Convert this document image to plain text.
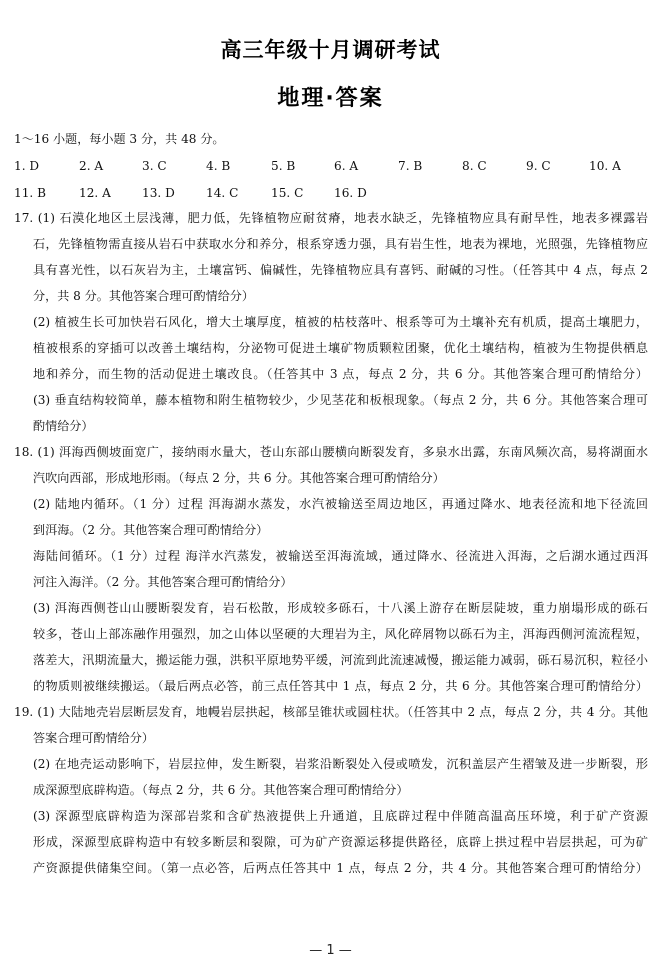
高三年级十月调研考试
地理·答案
1～16 小题，每小题 3 分，共 48 分。
1. D	2. A	3. C	4. B	5. B	6. A	7. B	8. C	9. C	10. A
11. B	12. A	13. D	14. C	15. C	16. D
17. (1) 石漠化地区土层浅薄，肥力低，先锋植物应耐贫瘠，地表水缺乏，先锋植物应具有耐旱性，地表多裸露岩
石，先锋植物需直接从岩石中获取水分和养分，根系穿透力强，具有岩生性，地表为裸地，光照强，先锋植物应
具有喜光性，以石灰岩为主，土壤富钙、偏碱性，先锋植物应具有喜钙、耐碱的习性。（任答其中 4 点，每点 2
分，共 8 分。其他答案合理可酌情给分）
(2) 植被生长可加快岩石风化，增大土壤厚度，植被的枯枝落叶、根系等可为土壤补充有机质，提高土壤肥力，
植被根系的穿插可以改善土壤结构，分泌物可促进土壤矿物质颗粒团聚，优化土壤结构，植被为生物提供栖息
地和养分，而生物的活动促进土壤改良。（任答其中 3 点，每点 2 分，共 6 分。其他答案合理可酌情给分）
(3) 垂直结构较简单，藤本植物和附生植物较少，少见茎花和板根现象。（每点 2 分，共 6 分。其他答案合理可
酌情给分）
18. (1) 洱海西侧坡面宽广，接纳雨水量大，苍山东部山腰横向断裂发育，多泉水出露，东南风频次高，易将湖面水
汽吹向西部，形成地形雨。（每点 2 分，共 6 分。其他答案合理可酌情给分）
(2) 陆地内循环。（1 分）过程 洱海湖水蒸发，水汽被输送至周边地区，再通过降水、地表径流和地下径流回
到洱海。（2 分。其他答案合理可酌情给分）
海陆间循环。（1 分）过程 海洋水汽蒸发，被输送至洱海流域，通过降水、径流进入洱海，之后湖水通过西洱
河注入海洋。（2 分。其他答案合理可酌情给分）
(3) 洱海西侧苍山山腰断裂发育，岩石松散，形成较多砾石，十八溪上游存在断层陡坡，重力崩塌形成的砾石
较多，苍山上部冻融作用强烈，加之山体以坚硬的大理岩为主，风化碎屑物以砾石为主，洱海西侧河流流程短，
落差大，汛期流量大，搬运能力强，洪积平原地势平缓，河流到此流速减慢，搬运能力减弱，砾石易沉积，粒径小
的物质则被继续搬运。（最后两点必答，前三点任答其中 1 点，每点 2 分，共 6 分。其他答案合理可酌情给分）
19. (1) 大陆地壳岩层断层发育，地幔岩层拱起，核部呈锥状或圆柱状。（任答其中 2 点，每点 2 分，共 4 分。其他
答案合理可酌情给分）
(2) 在地壳运动影响下，岩层拉伸，发生断裂，岩浆沿断裂处入侵或喷发，沉积盖层产生褶皱及进一步断裂，形
成深源型底辟构造。（每点 2 分，共 6 分。其他答案合理可酌情给分）
(3) 深源型底辟构造为深部岩浆和含矿热液提供上升通道，且底辟过程中伴随高温高压环境，利于矿产资源
形成，深源型底辟构造中有较多断层和裂隙，可为矿产资源运移提供路径，底辟上拱过程中岩层拱起，可为矿
产资源提供储集空间。（第一点必答，后两点任答其中 1 点，每点 2 分，共 4 分。其他答案合理可酌情给分）
— 1 —
